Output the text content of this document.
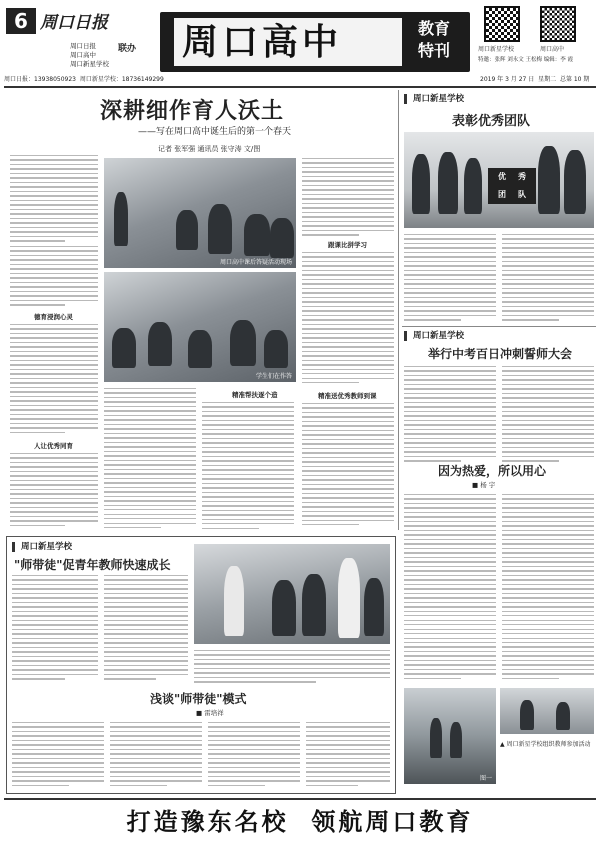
6 周口日报
周口日报
周口高中
周口新星学校
联办
周口日报：13938050923 周口新星学校：18736149299
周口高中	教育
特刊	周口新星学校	周口高中
特邀：张辉 刘永文 王松梅 编辑：李 霞
2019 年 3 月 27 日 星期二 总第 10 期
深耕细作育人沃土
——写在周口高中诞生后的第一个春天
记者 张军强 通讯员 张守涛 文/图
德育浸润心灵
人让优秀同育
周口高中课后答疑活动现场
学生们在作答
精准帮扶逐个造
跟课比拼学习
精准送优秀教师到课
周口新星学校
表彰优秀团队
优	秀
团	队
周口新星学校
举行中考百日冲刺誓师大会
因为热爱，所以用心
■ 杨 宇
周口新星学校
"师带徒"促青年教师快速成长
浅谈"师带徒"模式
■ 雷培祥
图一
▲ 周口新星学校组织教师参加活动
打造豫东名校  领航周口教育
